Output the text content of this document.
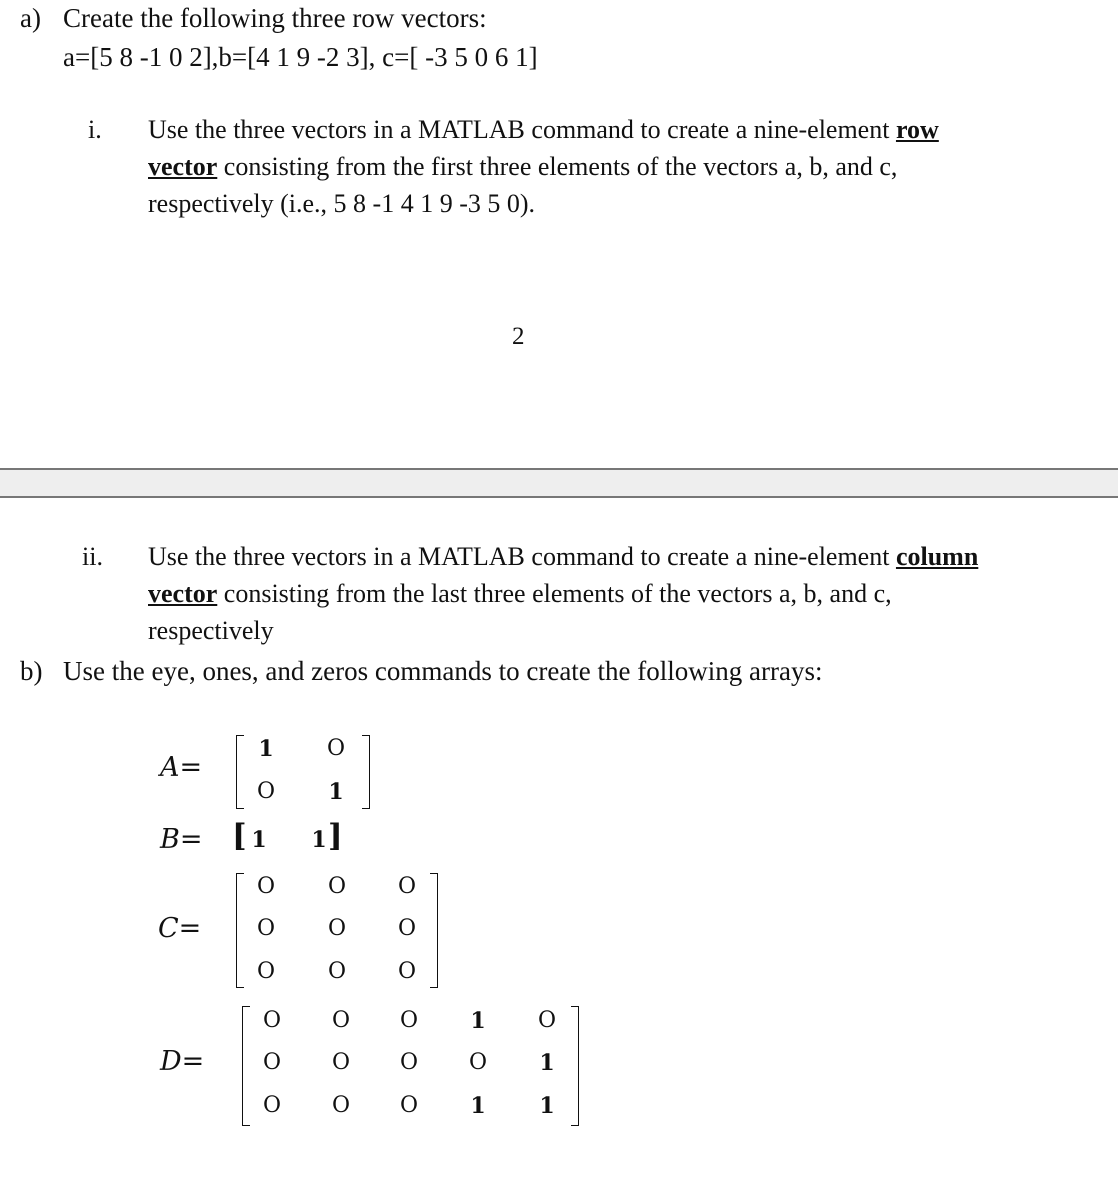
a) Create the following three row vectors:
a=[5 8 -1 0 2],b=[4 1 9 -2 3], c=[ -3 5 0 6 1]
i. Use the three vectors in a MATLAB command to create a nine-element row
vector consisting from the first three elements of the vectors a, b, and c,
respectively (i.e., 5 8 -1 4 1 9 -3 5 0).
2
ii. Use the three vectors in a MATLAB command to create a nine-element column
vector consisting from the last three elements of the vectors a, b, and c,
respectively
b) Use the eye, ones, and zeros commands to create the following arrays:
A=
1	O
O	1
B= [ 1	1 ]
C=
O O O
O O O
O O O
D=
O O O	1	O
O O O O	1
O O O	1	1
